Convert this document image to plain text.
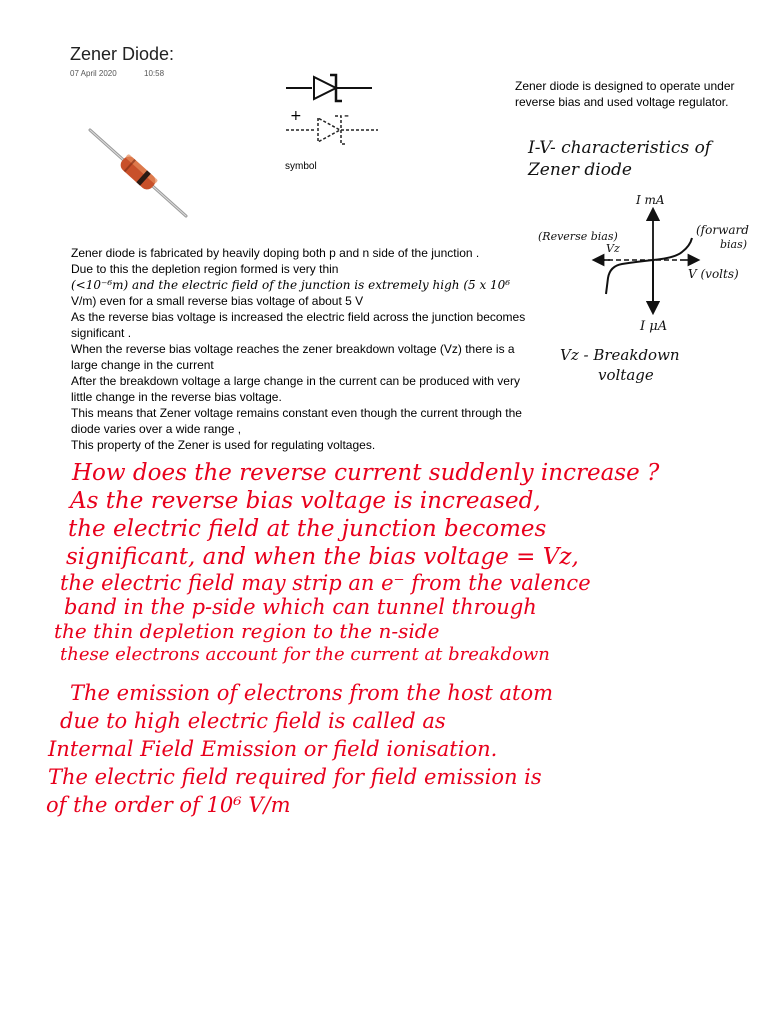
Zener Diode:
07 April 2020	10:58
+	-
symbol
Zener diode is designed to operate under reverse bias and used voltage regulator.
I-V- characteristics of
Zener diode
I mA
(Reverse bias)
Vz
(forward
bias)
V (volts)
I μA
Vz - Breakdown
voltage

Zener diode is fabricated by heavily doping both p and n side of the junction .

Due to this the depletion region formed is very thin

(<10⁻⁶m) and the electric field of the junction is extremely high (5 x 10⁶

V/m) even for a small reverse bias voltage of about 5 V

As the reverse bias voltage is increased the electric field across the junction becomes significant .

When the reverse bias voltage reaches the zener breakdown voltage (Vz) there is a large change in the current

After the breakdown voltage a large change in the current can be produced with very little change in the reverse bias voltage.

This means that Zener voltage remains constant even though the current through the diode varies over a wide range ,

This property of the Zener is used for regulating voltages.

How does the reverse current suddenly increase ?
As the reverse bias voltage is increased,
the electric field at the junction becomes
significant, and when the bias voltage = Vz,
the electric field may strip an e⁻ from the valence
band in the p-side which can tunnel through
the thin depletion region to the n-side
these electrons account for the current at breakdown
The emission of electrons from the host atom
due to high electric field is called as
Internal Field Emission or field ionisation.
The electric field required for field emission is
of the order of 10⁶ V/m
